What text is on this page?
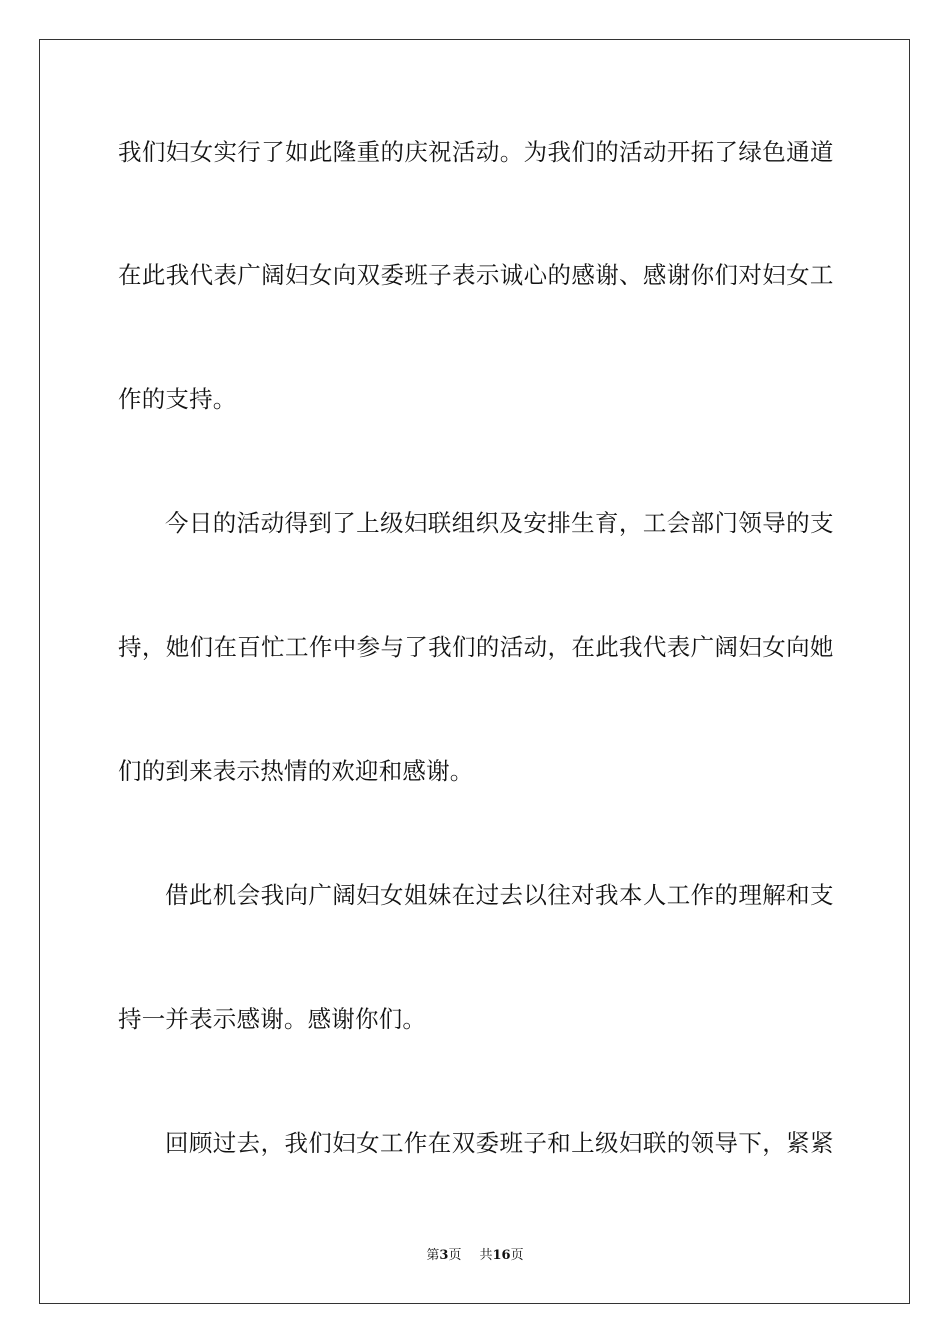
我 们 妇 女 实 行 了 如 此 隆 重 的 庆 祝 活 动 。 为 我 们 的 活 动 开 拓 了 绿 色 通 道
在 此 我 代 表 广 阔 妇 女 向 双 委 班 子 表 示 诚 心 的 感 谢 、 感 谢 你 们 对 妇 女 工
作的支持。
今 日 的 活 动 得 到 了 上 级 妇 联 组 织 及 安 排 生 育 ， 工 会 部 门 领 导 的 支
持 ， 她 们 在 百 忙 工 作 中 参 与 了 我 们 的 活 动 ， 在 此 我 代 表 广 阔 妇 女 向 她
们的到来表示热情的欢迎和感谢。
借 此 机 会 我 向 广 阔 妇 女 姐 妹 在 过 去 以 往 对 我 本 人 工 作 的 理 解 和 支
持一并表示感谢。感谢你们。
回 顾 过 去 ， 我 们 妇 女 工 作 在 双 委 班 子 和 上 级 妇 联 的 领 导 下 ， 紧 紧
第3页 共16页
